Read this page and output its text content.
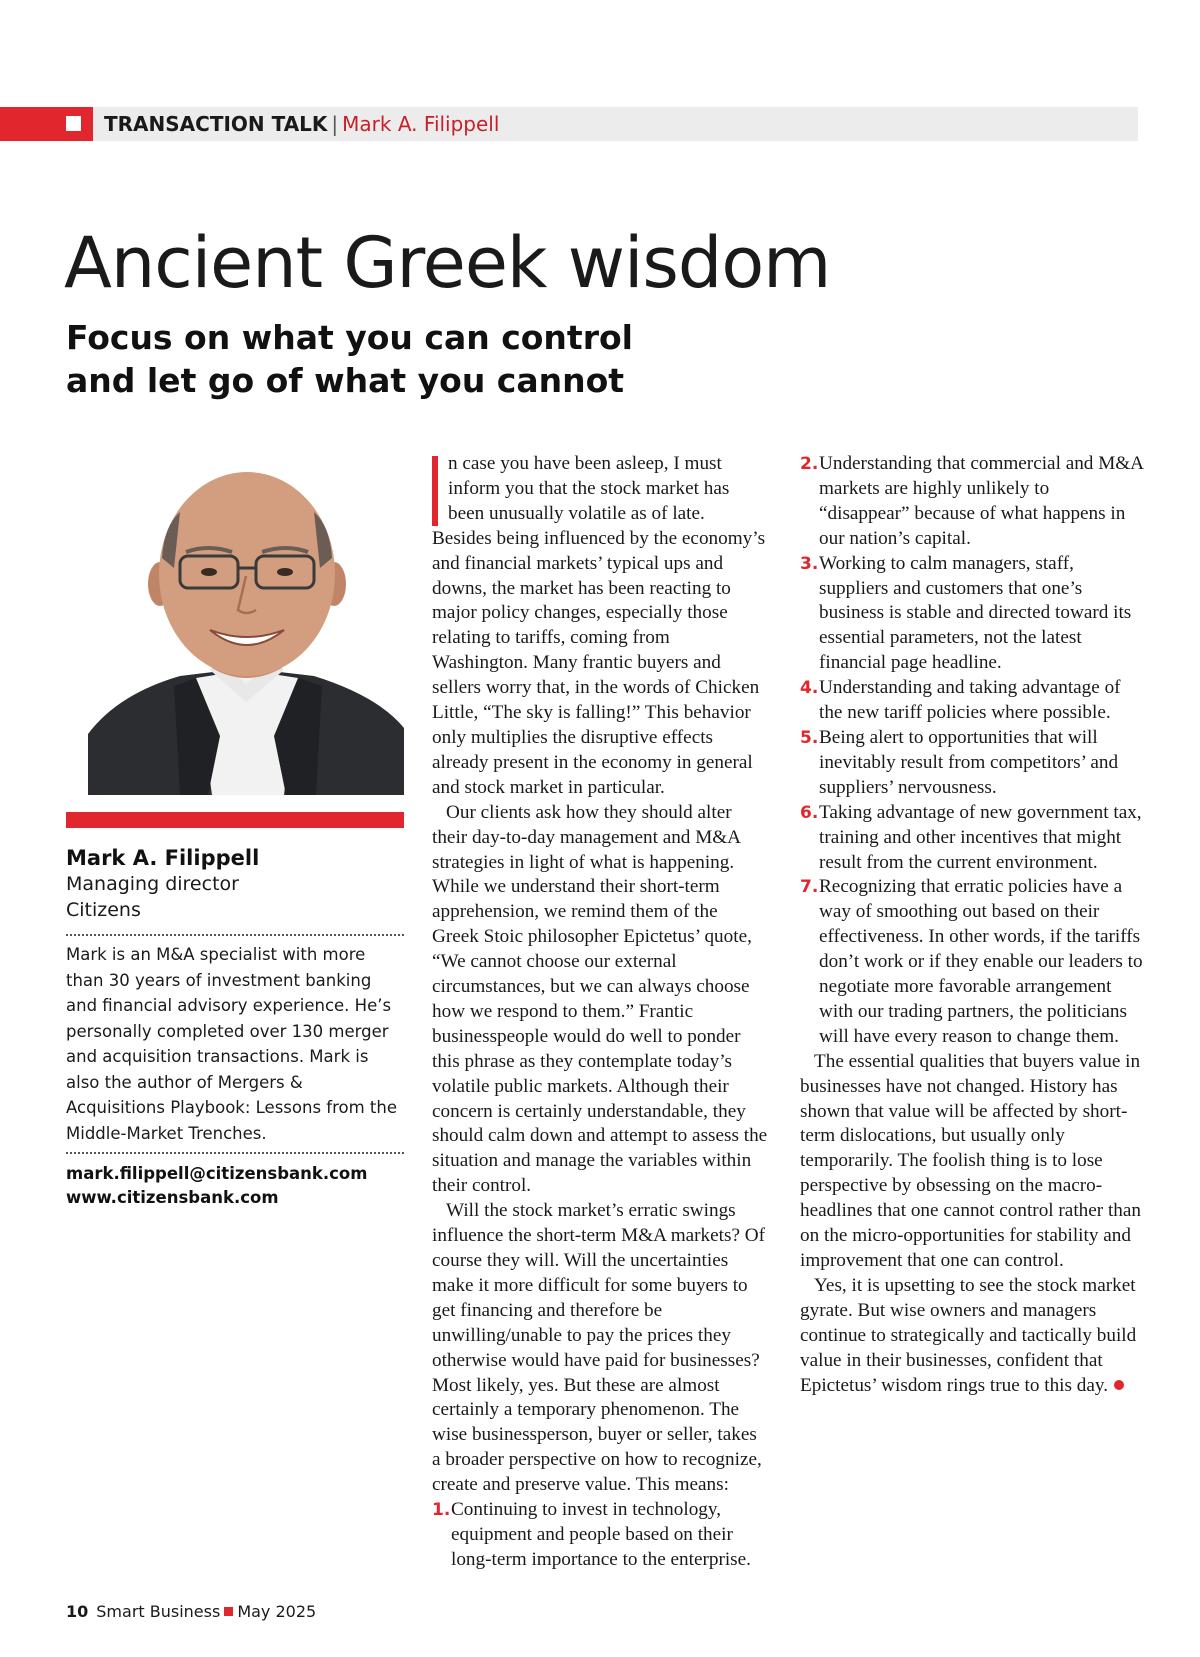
TRANSACTION TALK | Mark A. Filippell
Ancient Greek wisdom
Focus on what you can control and let go of what you cannot
Mark A. Filippell
Managing director
Citizens

Mark is an M&A specialist with more than 30 years of investment banking and financial advisory experience. He’s personally completed over 130 merger and acquisition transactions. Mark is also the author of Mergers & Acquisitions Playbook: Lessons from the Middle-Market Trenches.

mark.filippell@citizensbank.com
www.citizensbank.com

n case you have been asleep, I must inform you that the stock market has been unusually volatile as of late. Besides being influenced by the economy’s and financial markets’ typical ups and downs, the market has been reacting to major policy changes, especially those relating to tariffs, coming from Washington. Many frantic buyers and sellers worry that, in the words of Chicken Little, “The sky is falling!” This behavior only multiplies the disruptive effects already present in the economy in general and stock market in particular.

Our clients ask how they should alter their day-to-day management and M&A strategies in light of what is happening. While we understand their short-term apprehension, we remind them of the Greek Stoic philosopher Epictetus’ quote, “We cannot choose our external circumstances, but we can always choose how we respond to them.” Frantic businesspeople would do well to ponder this phrase as they contemplate today’s volatile public markets. Although their concern is certainly understandable, they should calm down and attempt to assess the situation and manage the variables within their control.

Will the stock market’s erratic swings influence the short-term M&A markets? Of course they will. Will the uncertainties make it more difficult for some buyers to get financing and therefore be unwilling/unable to pay the prices they otherwise would have paid for businesses? Most likely, yes. But these are almost certainly a temporary phenomenon. The wise businessperson, buyer or seller, takes a broader perspective on how to recognize, create and preserve value. This means:

1. Continuing to invest in technology, equipment and people based on their long-term importance to the enterprise.
2. Understanding that commercial and M&A markets are highly unlikely to “disappear” because of what happens in our nation’s capital.
3. Working to calm managers, staff, suppliers and customers that one’s business is stable and directed toward its essential parameters, not the latest financial page headline.
4. Understanding and taking advantage of the new tariff policies where possible.
5. Being alert to opportunities that will inevitably result from competitors’ and suppliers’ nervousness.
6. Taking advantage of new government tax, training and other incentives that might result from the current environment.
7. Recognizing that erratic policies have a way of smoothing out based on their effectiveness. In other words, if the tariffs don’t work or if they enable our leaders to negotiate more favorable arrangement with our trading partners, the politicians will have every reason to change them.

The essential qualities that buyers value in businesses have not changed. History has shown that value will be affected by short-term dislocations, but usually only temporarily. The foolish thing is to lose perspective by obsessing on the macro-headlines that one cannot control rather than on the micro-opportunities for stability and improvement that one can control.

Yes, it is upsetting to see the stock market gyrate. But wise owners and managers continue to strategically and tactically build value in their businesses, confident that Epictetus’ wisdom rings true to this day.

10 Smart Business May 2025
